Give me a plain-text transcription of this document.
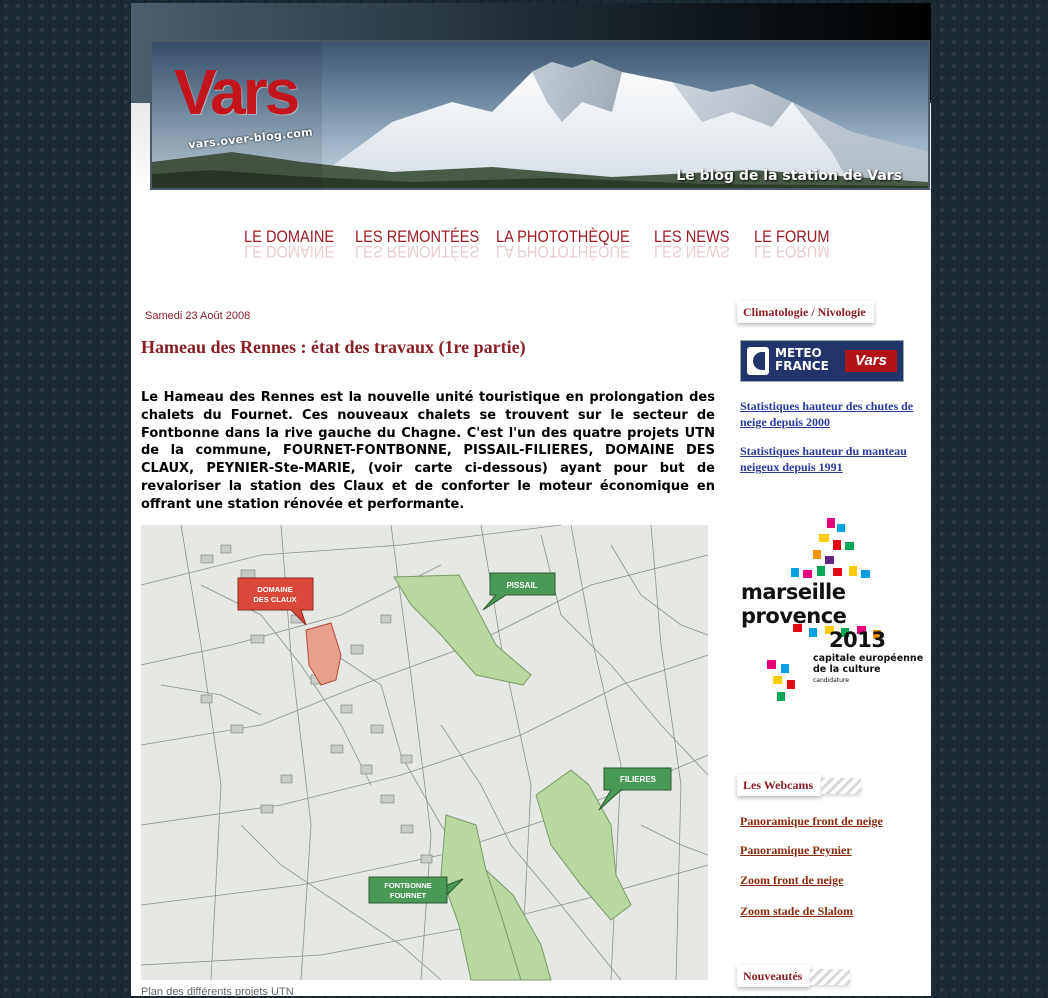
Vars
vars.over-blog.com
Le blog de la station de Vars
LE DOMAINE
LE DOMAINE
LES REMONTÉES
LES REMONTÉES
LA PHOTOTHÈQUE
LA PHOTOTHÈQUE
LES NEWS
LES NEWS
LE FORUM
LE FORUM
Samedi 23 Août 2008
Hameau des Rennes : état des travaux (1re partie)

Le Hameau des Rennes est la nouvelle unité touristique en prolongation des chalets du Fournet. Ces nouveaux chalets se trouvent sur le secteur de Fontbonne dans la rive gauche du Chagne. C'est l'un des quatre projets UTN de la commune, FOURNET-FONTBONNE, PISSAIL-FILIERES, DOMAINE DES CLAUX, PEYNIER-Ste-MARIE, (voir carte ci-dessous) ayant pour but de revaloriser la station des Claux et de conforter le moteur économique en offrant une station rénovée et performante.

DOMAINE
DES CLAUX
PISSAIL
FILIERES
FONTBONNE
FOURNET
Plan des différents projets UTN
Climatologie / Nivologie
METEO
FRANCE	Vars
Statistiques hauteur des chutes de neige depuis 2000
Statistiques hauteur du manteau neigeux depuis 1991
marseille
provence
2013
capitale européenne
de la culture
candidature
Les Webcams
Panoramique front de neige
Panoramique Peynier
Zoom front de neige
Zoom stade de Slalom
Nouveautés
